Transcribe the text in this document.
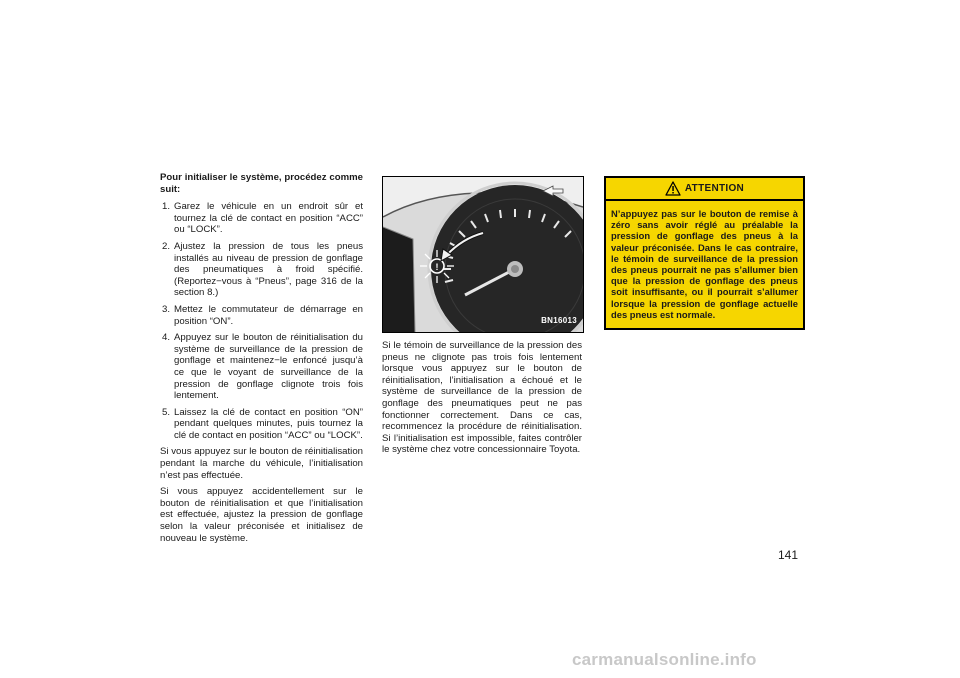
Pour initialiser le système, procédez comme suit:

1. Garez le véhicule en un endroit sûr et tournez la clé de contact en position “ACC” ou “LOCK”.
2. Ajustez la pression de tous les pneus installés au niveau de pression de gonflage des pneumatiques à froid spécifié. (Reportez−vous à “Pneus”, page 316 de la section 8.)
3. Mettez le commutateur de démarrage en position “ON”.
4. Appuyez sur le bouton de réinitialisation du système de surveillance de la pression de gonflage et maintenez−le enfoncé jusqu’à ce que le voyant de surveillance de la pression de gonflage clignote trois fois lentement.
5. Laissez la clé de contact en position “ON” pendant quelques minutes, puis tournez la clé de contact en position “ACC” ou “LOCK”.

Si vous appuyez sur le bouton de réinitialisation pendant la marche du véhicule, l’initialisation n’est pas effectuée.

Si vous appuyez accidentellement sur le bouton de réinitialisation et que l’initialisation est effectuée, ajustez la pression de gonflage selon la valeur préconisée et initialisez de nouveau le système.

!
BN16013

Si le témoin de surveillance de la pression des pneus ne clignote pas trois fois lentement lorsque vous appuyez sur le bouton de réinitialisation, l’initialisation a échoué et le système de surveillance de la pression de gonflage des pneumatiques peut ne pas fonctionner correctement. Dans ce cas, recommencez la procédure de réinitialisation. Si l’initialisation est impossible, faites contrôler le système chez votre concessionnaire Toyota.

ATTENTION
N’appuyez pas sur le bouton de remise à zéro sans avoir réglé au préalable la pression de gonflage des pneus à la valeur préconisée. Dans le cas contraire, le témoin de surveillance de la pression des pneus pourrait ne pas s’allumer bien que la pression de gonflage des pneus soit insuffisante, ou il pourrait s’allumer lorsque la pression de gonflage actuelle des pneus est normale.
141
carmanualsonline.info
